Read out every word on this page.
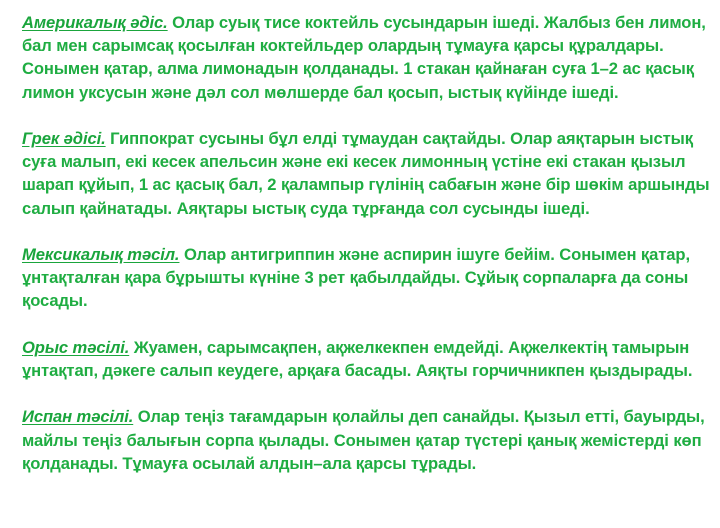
Америкалық әдіс. Олар суық тисе коктейль сусындарын ішеді. Жалбыз бен лимон, бал мен сарымсақ қосылған коктейльдер олардың тұмауға қарсы құралдары. Сонымен қатар, алма лимонадын қолданады. 1 стакан қайнаған суға 1–2 ас қасық лимон уксусын және дәл сол мөлшерде бал қосып, ыстық күйінде ішеді.

Грек әдісі. Гиппократ сусыны бұл елді тұмаудан сақтайды. Олар аяқтарын ыстық суға малып, екі кесек апельсин және екі кесек лимонның үстіне екі стакан қызыл шарап құйып, 1 ас қасық бал, 2 қалампыр гүлінің сабағын және бір шөкім аршынды салып қайнатады. Аяқтары ыстық суда тұрғанда сол сусынды ішеді.

Мексикалық тәсіл. Олар антигриппин және аспирин ішуге бейім. Сонымен қатар, ұнтақталған қара бұрышты күніне 3 рет қабылдайды. Сұйық сорпаларға да соны қосады.

Орыс тәсілі. Жуамен, сарымсақпен, ақжелкекпен емдейді. Ақжелкектің тамырын ұнтақтап, дәкеге салып кеудеге, арқаға басады. Аяқты горчичникпен қыздырады.

Испан тәсілі. Олар теңіз тағамдарын қолайлы деп санайды. Қызыл етті, бауырды, майлы теңіз балығын сорпа қылады. Сонымен қатар түстері қанық жемістерді көп қолданады. Тұмауға осылай алдын–ала қарсы тұрады.
